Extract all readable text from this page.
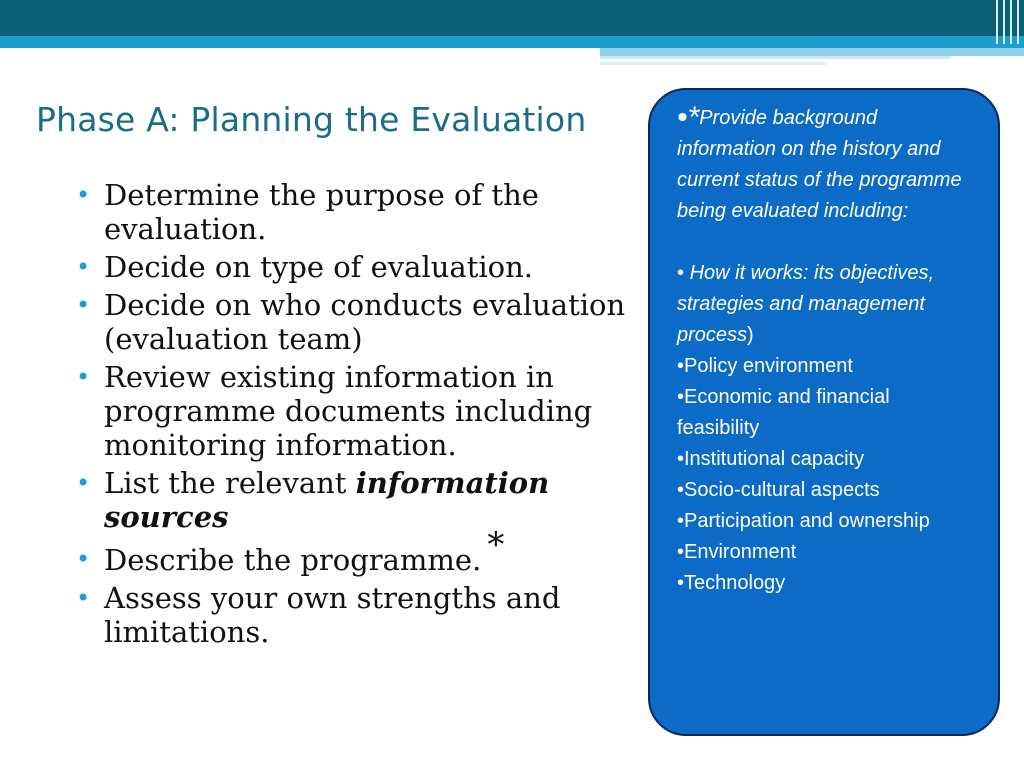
Phase A: Planning the Evaluation
• Determine the purpose of the evaluation.
• Decide on type of evaluation.
• Decide on who conducts evaluation (evaluation team)
• Review existing information in programme documents including monitoring information.
• List the relevant information sources
• Describe the programme. *
• Assess your own strengths and limitations.
•*Provide background information on the history and current status of the programme being evaluated including:
• How it works: its objectives, strategies and management process)
•Policy environment
•Economic and financial feasibility
•Institutional capacity
•Socio-cultural aspects
•Participation and ownership
•Environment
•Technology
